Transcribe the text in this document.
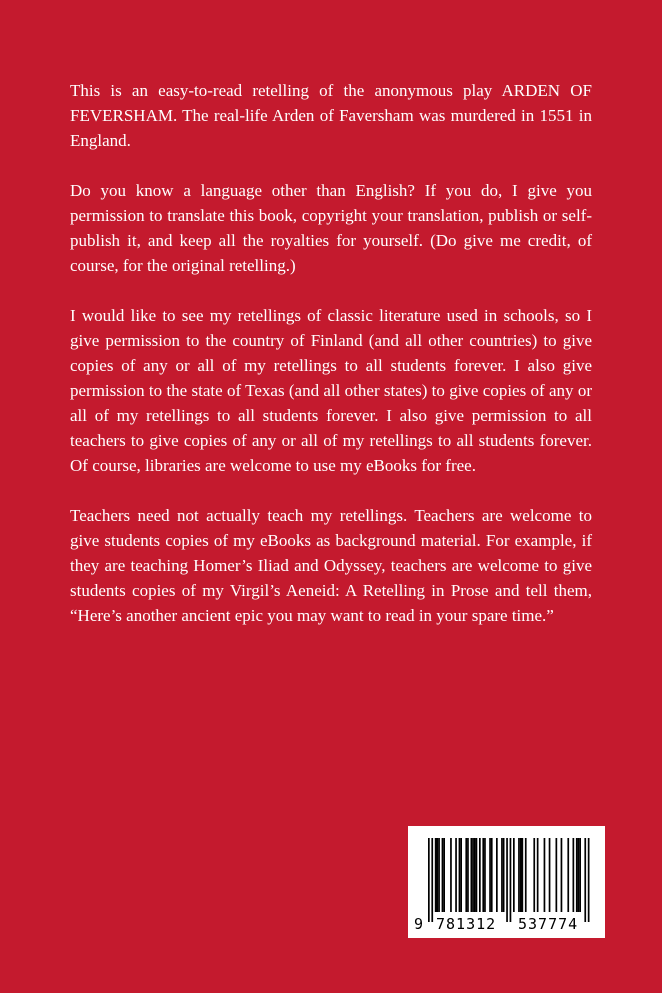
This is an easy-to-read retelling of the anonymous play ARDEN OF FEVERSHAM. The real-life Arden of Faversham was murdered in 1551 in England.

Do you know a language other than English? If you do, I give you permission to translate this book, copyright your translation, publish or self-publish it, and keep all the royalties for yourself. (Do give me credit, of course, for the original retelling.)

I would like to see my retellings of classic literature used in schools, so I give permission to the country of Finland (and all other countries) to give copies of any or all of my retellings to all students forever. I also give permission to the state of Texas (and all other states) to give copies of any or all of my retellings to all students forever. I also give permission to all teachers to give copies of any or all of my retellings to all students forever. Of course, libraries are welcome to use my eBooks for free.

Teachers need not actually teach my retellings. Teachers are welcome to give students copies of my eBooks as background material. For example, if they are teaching Homer’s Iliad and Odyssey, teachers are welcome to give students copies of my Virgil’s Aeneid: A Retelling in Prose and tell them, “Here’s another ancient epic you may want to read in your spare time.”

9 781312 537774
